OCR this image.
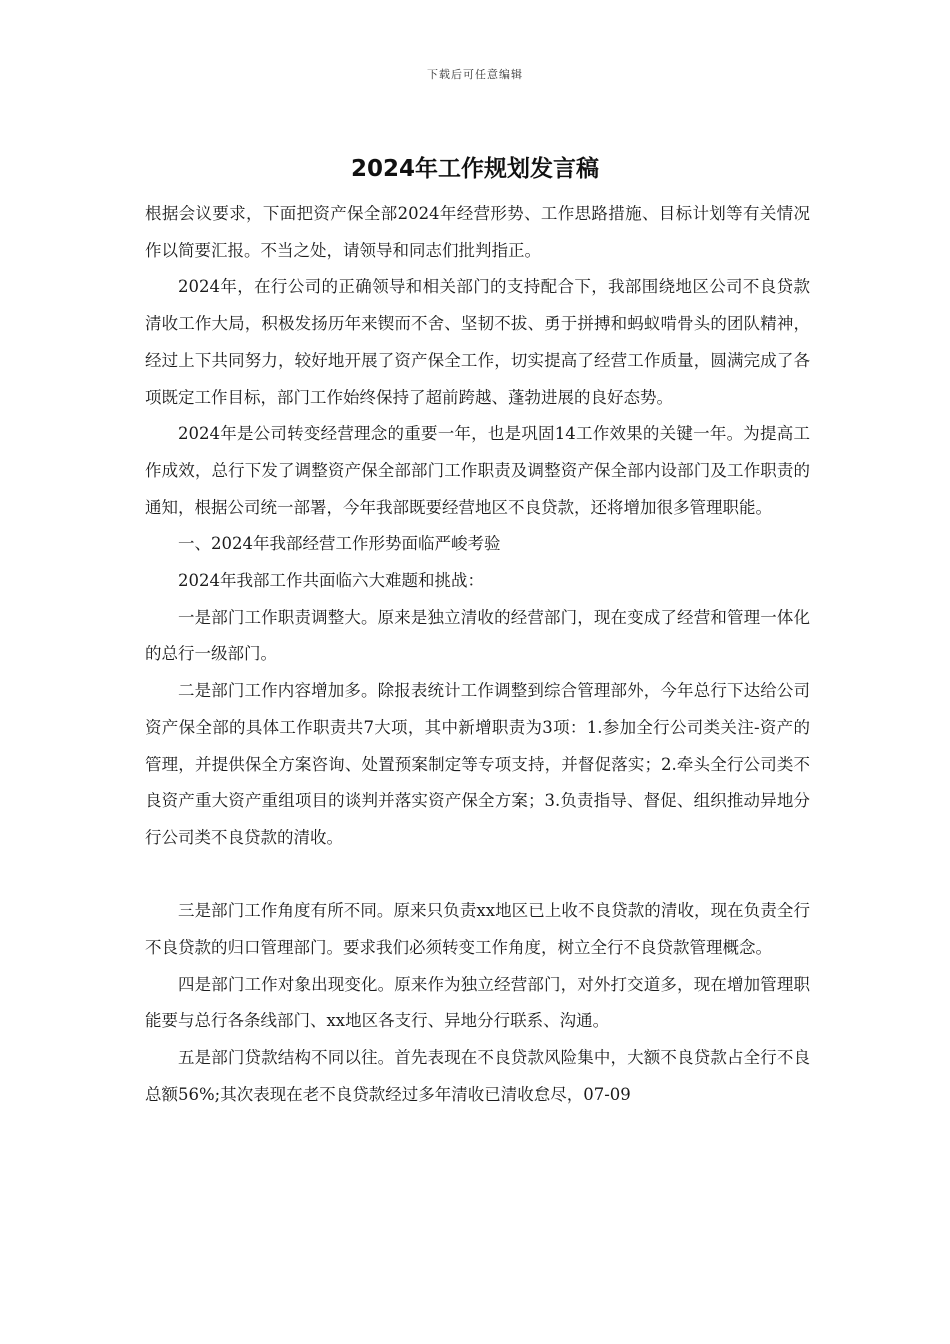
下载后可任意编辑
2024年工作规划发言稿

根据会议要求，下面把资产保全部2024年经营形势、工作思路措施、目标计划等有关情况作以简要汇报。不当之处，请领导和同志们批判指正。

2024年，在行公司的正确领导和相关部门的支持配合下，我部围绕地区公司不良贷款清收工作大局，积极发扬历年来锲而不舍、坚韧不拔、勇于拼搏和蚂蚁啃骨头的团队精神，经过上下共同努力，较好地开展了资产保全工作，切实提高了经营工作质量，圆满完成了各项既定工作目标，部门工作始终保持了超前跨越、蓬勃进展的良好态势。

2024年是公司转变经营理念的重要一年，也是巩固14工作效果的关键一年。为提高工作成效，总行下发了调整资产保全部部门工作职责及调整资产保全部内设部门及工作职责的通知，根据公司统一部署，今年我部既要经营地区不良贷款，还将增加很多管理职能。

一、2024年我部经营工作形势面临严峻考验

2024年我部工作共面临六大难题和挑战：

一是部门工作职责调整大。原来是独立清收的经营部门，现在变成了经营和管理一体化的总行一级部门。

二是部门工作内容增加多。除报表统计工作调整到综合管理部外，今年总行下达给公司资产保全部的具体工作职责共7大项，其中新增职责为3项：1.参加全行公司类关注-资产的管理，并提供保全方案咨询、处置预案制定等专项支持，并督促落实；2.牵头全行公司类不良资产重大资产重组项目的谈判并落实资产保全方案；3.负责指导、督促、组织推动异地分行公司类不良贷款的清收。

三是部门工作角度有所不同。原来只负责xx地区已上收不良贷款的清收，现在负责全行不良贷款的归口管理部门。要求我们必须转变工作角度，树立全行不良贷款管理概念。

四是部门工作对象出现变化。原来作为独立经营部门，对外打交道多，现在增加管理职能要与总行各条线部门、xx地区各支行、异地分行联系、沟通。

五是部门贷款结构不同以往。首先表现在不良贷款风险集中，大额不良贷款占全行不良总额56%;其次表现在老不良贷款经过多年清收已清收怠尽，07-09
